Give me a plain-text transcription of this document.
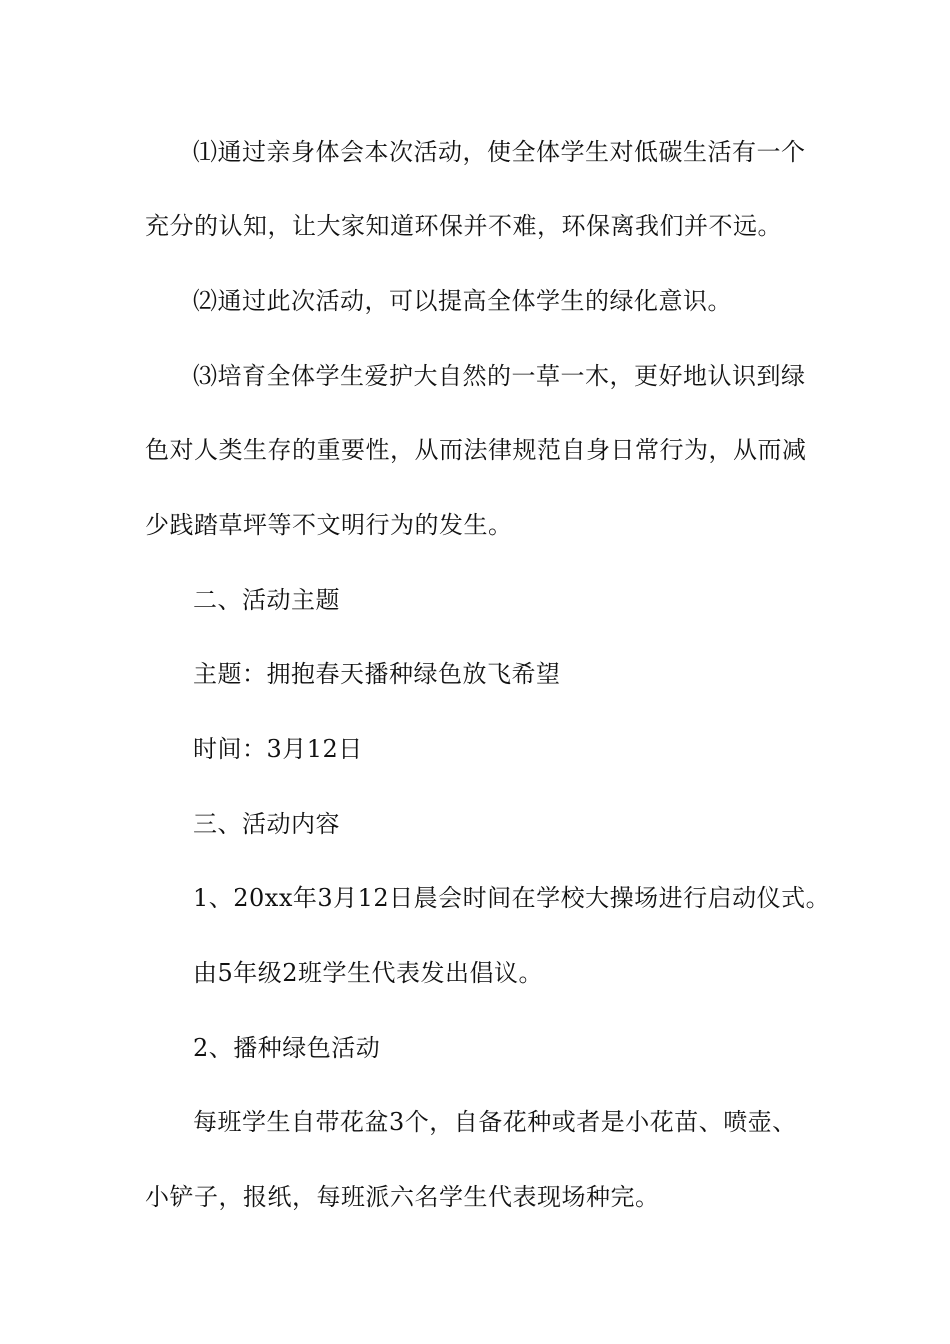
⑴通过亲身体会本次活动，使全体学生对低碳生活有一个
充分的认知，让大家知道环保并不难，环保离我们并不远。
⑵通过此次活动，可以提高全体学生的绿化意识。
⑶培育全体学生爱护大自然的一草一木，更好地认识到绿
色对人类生存的重要性，从而法律规范自身日常行为，从而减
少践踏草坪等不文明行为的发生。
二、活动主题
主题：拥抱春天播种绿色放飞希望
时间：3月12日
三、活动内容
1、20xx年3月12日晨会时间在学校大操场进行启动仪式。
由5年级2班学生代表发出倡议。
2、播种绿色活动
每班学生自带花盆3个，自备花种或者是小花苗、喷壶、
小铲子，报纸，每班派六名学生代表现场种完。
